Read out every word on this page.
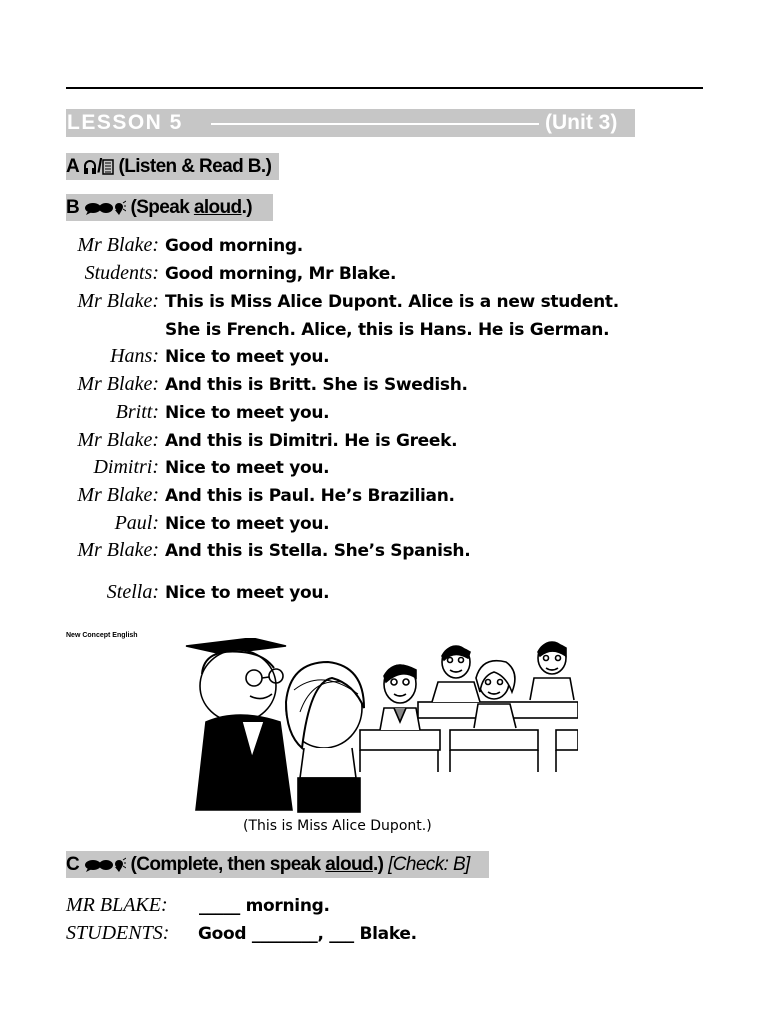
LESSON 5	(Unit 3)
A / (Listen & Read B.)
B	(Speak aloud.)
Mr Blake: Good morning.
Students: Good morning, Mr Blake.
Mr Blake: This is Miss Alice Dupont. Alice is a new student.
She is French. Alice, this is Hans. He is German.
Hans: Nice to meet you.
Mr Blake: And this is Britt. She is Swedish.
Britt: Nice to meet you.
Mr Blake: And this is Dimitri. He is Greek.
Dimitri: Nice to meet you.
Mr Blake: And this is Paul. He’s Brazilian.
Paul: Nice to meet you.
Mr Blake: And this is Stella. She’s Spanish.
Stella: Nice to meet you.
New Concept English
(This is Miss Alice Dupont.)
C	(Complete, then speak aloud.) [Check: B]
MR BLAKE: _____ morning.
STUDENTS: Good ________, ___ Blake.
